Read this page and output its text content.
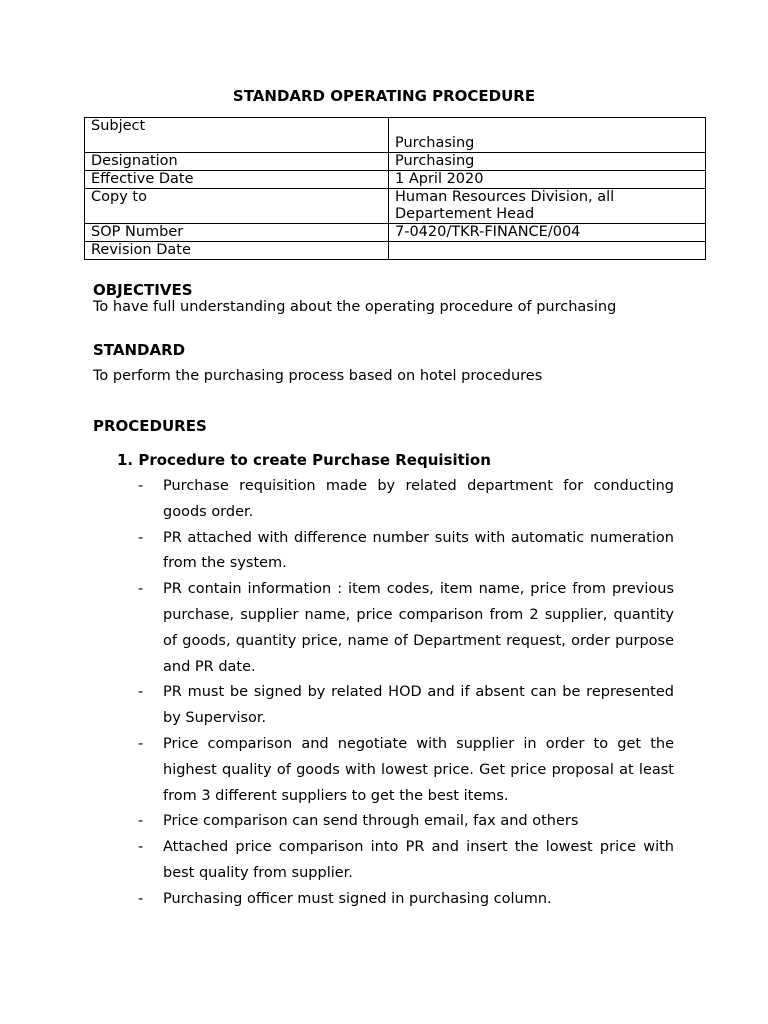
STANDARD OPERATING PROCEDURE
Subject	Purchasing
Designation	Purchasing
Effective Date	1 April 2020
Copy to	Human Resources Division, all Departement Head
SOP Number	7-0420/TKR-FINANCE/004
Revision Date	
OBJECTIVES

To have full understanding about the operating procedure of purchasing

STANDARD

To perform the purchasing process based on hotel procedures

PROCEDURES
1. Procedure to create Purchase Requisition
- Purchase requisition made by related department for conducting goods order.
- PR attached with difference number suits with automatic numeration from the system.
- PR contain information : item codes, item name, price from previous purchase, supplier name, price comparison from 2 supplier, quantity of goods, quantity price, name of Department request, order purpose and PR date.
- PR must be signed by related HOD and if absent can be represented by Supervisor.
- Price comparison and negotiate with supplier in order to get the highest quality of goods with lowest price. Get price proposal at least from 3 different suppliers to get the best items.
- Price comparison can send through email, fax and others
- Attached price comparison into PR and insert the lowest price with best quality from supplier.
- Purchasing officer must signed in purchasing column.
